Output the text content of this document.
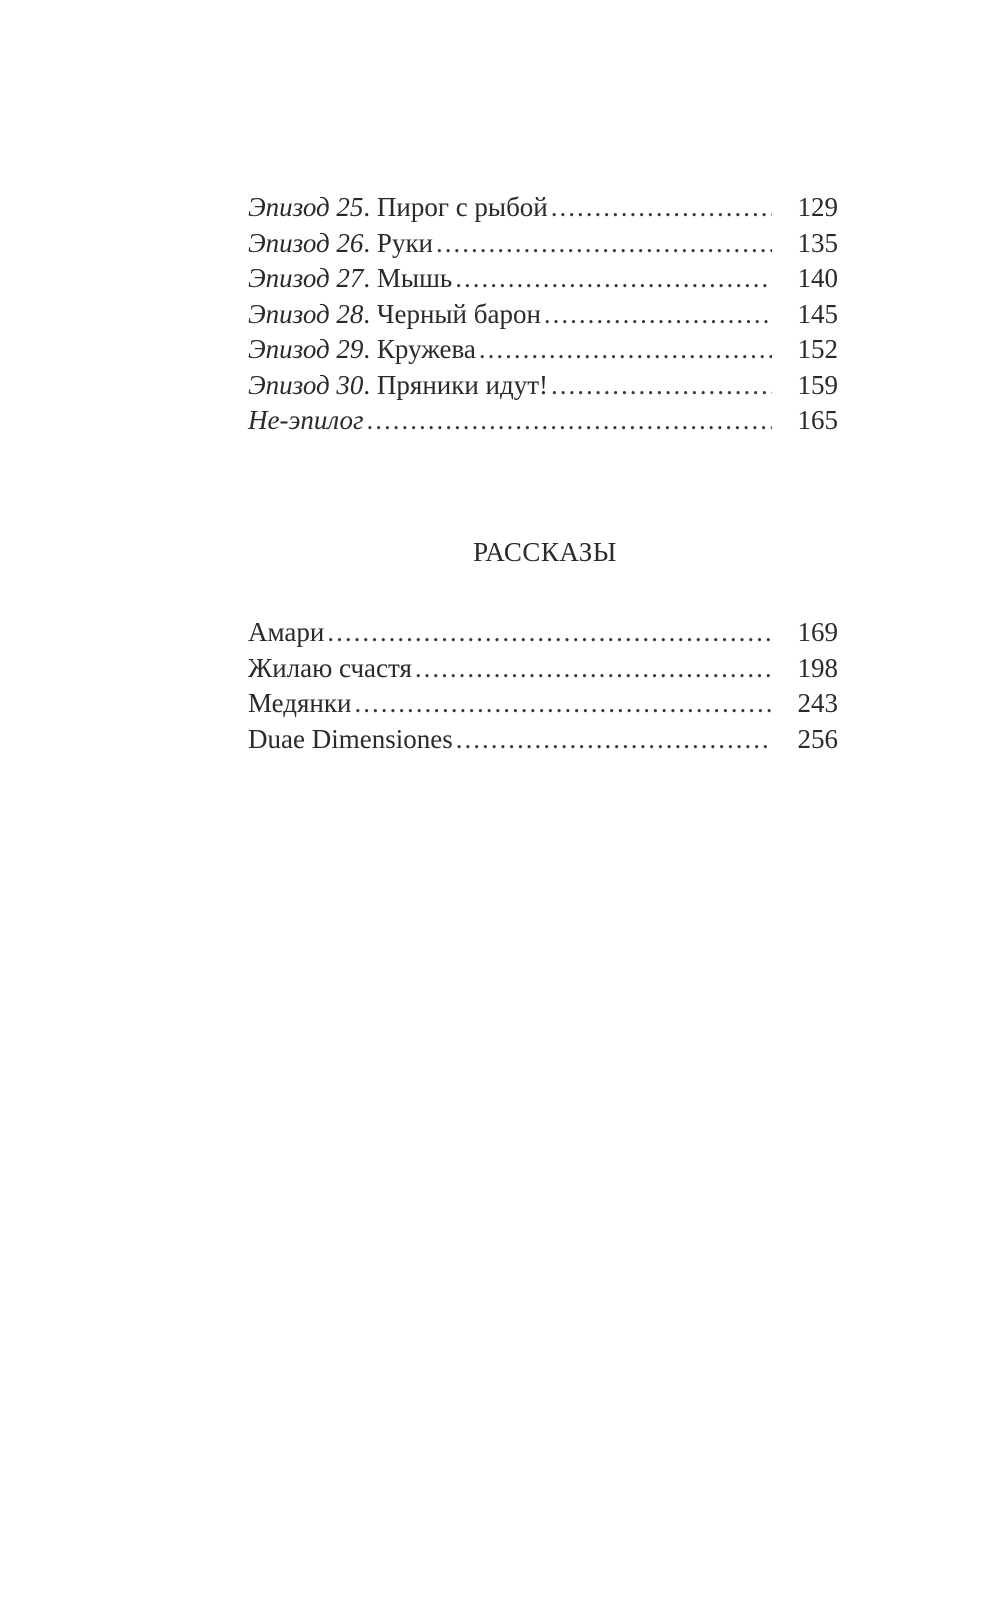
Эпизод 25. Пирог с рыбой .....	129
Эпизод 26. Руки .....	135
Эпизод 27. Мышь .....	140
Эпизод 28. Черный барон .....	145
Эпизод 29. Кружева .....	152
Эпизод 30. Пряники идут! .....	159
Не-эпилог .....	165
РАССКАЗЫ
Амари .....	169
Жилаю счастя .....	198
Медянки .....	243
Duae Dimensiones .....	256
